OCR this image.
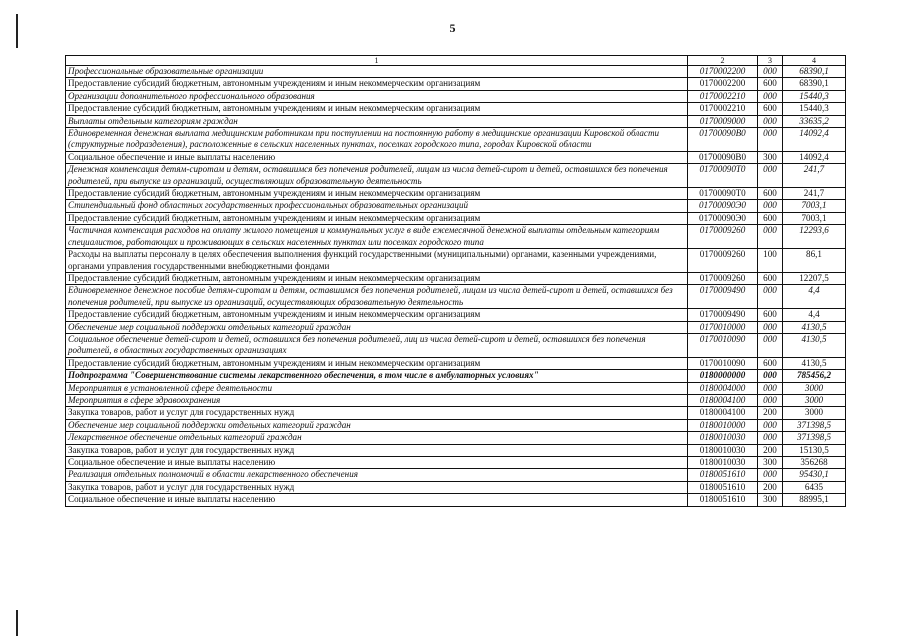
5
1	2	3	4
Профессиональные образовательные организации	0170002200	000	68390,1
Предоставление субсидий бюджетным, автономным учреждениям и иным некоммерческим организациям	0170002200	600	68390,1
Организации дополнительного профессионального образования	0170002210	000	15440,3
Предоставление субсидий бюджетным, автономным учреждениям и иным некоммерческим организациям	0170002210	600	15440,3
Выплаты отдельным категориям граждан	0170009000	000	33635,2
Единовременная денежная выплата медицинским работникам при поступлении на постоянную работу в медицинские организации Кировской области (структурные подразделения), расположенные в сельских населенных пунктах, поселках городского типа, городах Кировской области	01700090В0	000	14092,4
Социальное обеспечение и иные выплаты населению	01700090В0	300	14092,4
Денежная компенсация детям-сиротам и детям, оставшимся без попечения родителей, лицам из числа детей-сирот и детей, оставшихся без попечения родителей, при выпуске из организаций, осуществляющих образовательную деятельность	01700090Т0	000	241,7
Предоставление субсидий бюджетным, автономным учреждениям и иным некоммерческим организациям	01700090Т0	600	241,7
Стипендиальный фонд областных государственных профессиональных образовательных организаций	01700090Э0	000	7003,1
Предоставление субсидий бюджетным, автономным учреждениям и иным некоммерческим организациям	01700090Э0	600	7003,1
Частичная компенсация расходов на оплату жилого помещения и коммунальных услуг в виде ежемесячной денежной выплаты отдельным категориям специалистов, работающих и проживающих в сельских населенных пунктах или поселках городского типа	0170009260	000	12293,6
Расходы на выплаты персоналу в целях обеспечения выполнения функций государственными (муниципальными) органами, казенными учреждениями, органами управления государственными внебюджетными фондами	0170009260	100	86,1
Предоставление субсидий бюджетным, автономным учреждениям и иным некоммерческим организациям	0170009260	600	12207,5
Единовременное денежное пособие детям-сиротам и детям, оставшимся без попечения родителей, лицам из числа детей-сирот и детей, оставшихся без попечения родителей, при выпуске из организаций, осуществляющих образовательную деятельность	0170009490	000	4,4
Предоставление субсидий бюджетным, автономным учреждениям и иным некоммерческим организациям	0170009490	600	4,4
Обеспечение мер социальной поддержки отдельных категорий граждан	0170010000	000	4130,5
Социальное обеспечение детей-сирот и детей, оставшихся без попечения родителей, лиц из числа детей-сирот и детей, оставшихся без попечения родителей, в областных государственных организациях	0170010090	000	4130,5
Предоставление субсидий бюджетным, автономным учреждениям и иным некоммерческим организациям	0170010090	600	4130,5
Подпрограмма "Совершенствование системы лекарственного обеспечения, в том числе в амбулаторных условиях"	0180000000	000	785456,2
Мероприятия в установленной сфере деятельности	0180004000	000	3000
Мероприятия в сфере здравоохранения	0180004100	000	3000
Закупка товаров, работ и услуг для государственных нужд	0180004100	200	3000
Обеспечение мер социальной поддержки отдельных категорий граждан	0180010000	000	371398,5
Лекарственное обеспечение отдельных категорий граждан	0180010030	000	371398,5
Закупка товаров, работ и услуг для государственных нужд	0180010030	200	15130,5
Социальное обеспечение и иные выплаты населению	0180010030	300	356268
Реализация отдельных полномочий в области лекарственного обеспечения	0180051610	000	95430,1
Закупка товаров, работ и услуг для государственных нужд	0180051610	200	6435
Социальное обеспечение и иные выплаты населению	0180051610	300	88995,1
